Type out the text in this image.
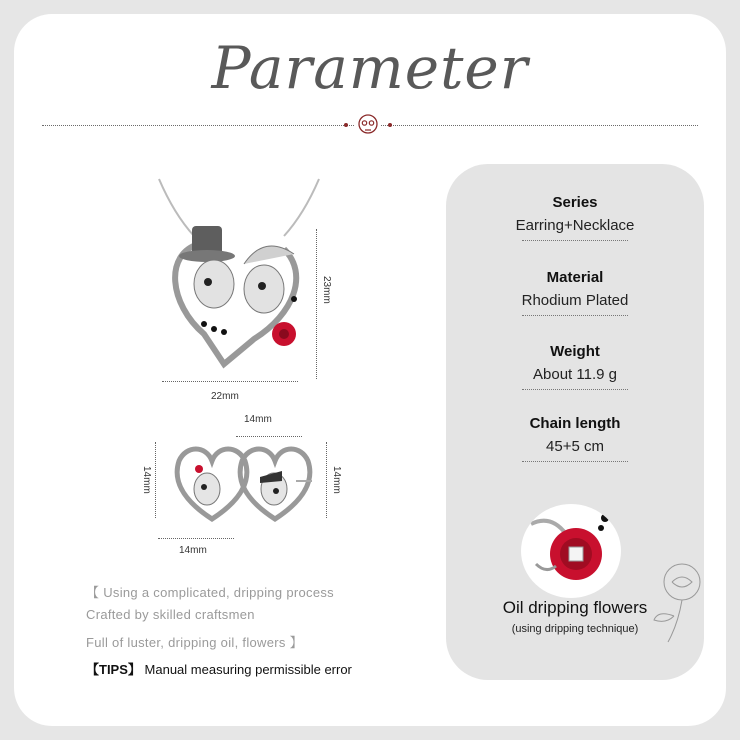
Parameter
23mm
22mm
14mm
14mm	14mm
14mm
【 Using a complicated, dripping process
Crafted by skilled craftsmen
Full of luster, dripping oil, flowers 】
【TIPS】 Manual measuring permissible error
Series
Earring+Necklace
Material
Rhodium Plated
Weight
About 11.9 g
Chain length
45+5 cm
Oil dripping flowers
(using dripping technique)
